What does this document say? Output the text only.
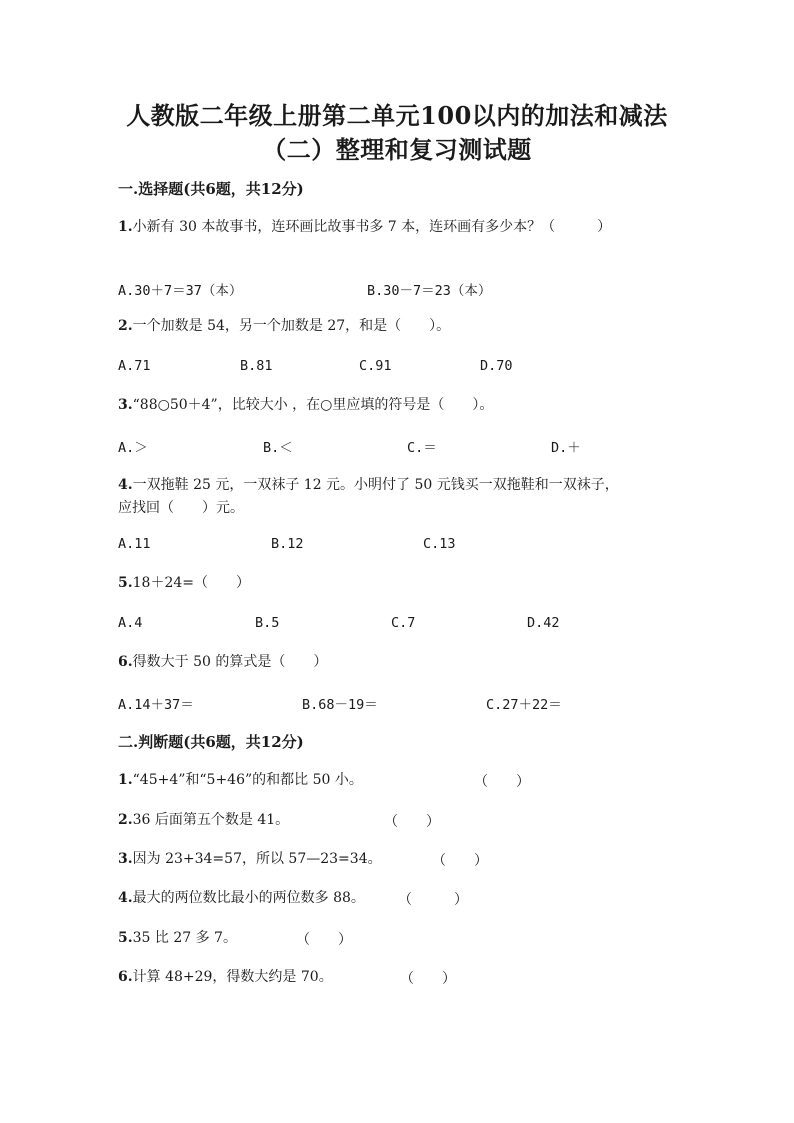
人教版二年级上册第二单元100以内的加法和减法
（二）整理和复习测试题
一.选择题(共6题，共12分)
1.小新有 30 本故事书，连环画比故事书多 7 本，连环画有多少本？（　　　）
A.30＋7＝37（本）	B.30－7＝23（本）
2.一个加数是 54，另一个加数是 27，和是（　　）。
A.71	B.81	C.91	D.70
3.“88○50＋4”，比较大小 ，在○里应填的符号是（　　）。
A.＞	B.＜	C.＝	D.＋
4.一双拖鞋 25 元，一双袜子 12 元。小明付了 50 元钱买一双拖鞋和一双袜子，
应找回（　　）元。
A.11	B.12	C.13
5.18＋24=（　　）
A.4	B.5	C.7	D.42
6.得数大于 50 的算式是（　　）
A.14＋37＝	B.68－19＝	C.27＋22＝
二.判断题(共6题，共12分)
1.“45+4”和“5+46”的和都比 50 小。	（　　）
2.36 后面第五个数是 41。	（　　）
3.因为 23+34=57，所以 57—23=34。	（　　）
4.最大的两位数比最小的两位数多 88。 （　　　）
5.35 比 27 多 7。	（　　）
6.计算 48+29，得数大约是 70。	（　　）
